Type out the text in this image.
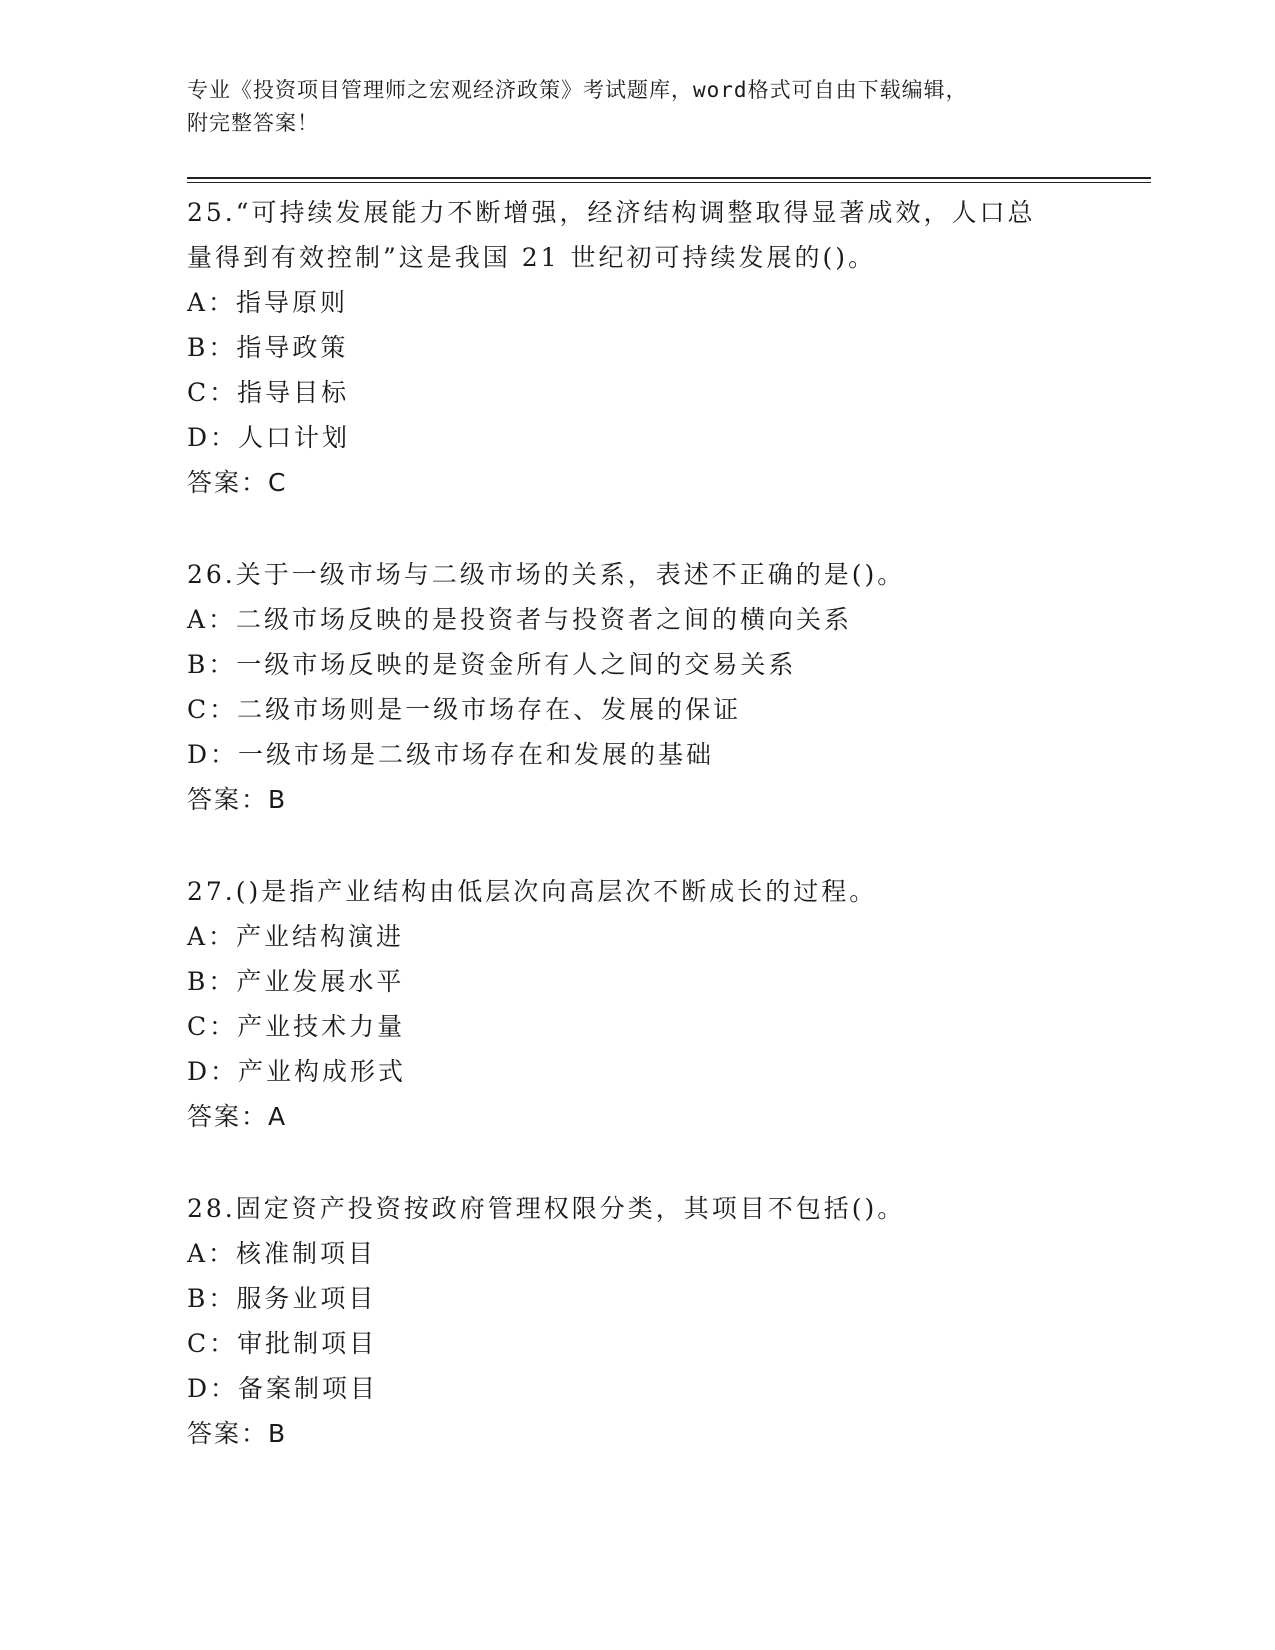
专业《投资项目管理师之宏观经济政策》考试题库，word格式可自由下载编辑，
附完整答案！
25.“可持续发展能力不断增强，经济结构调整取得显著成效，人口总
量得到有效控制”这是我国 21 世纪初可持续发展的()。
A：指导原则
B：指导政策
C：指导目标
D：人口计划
答案：C
26.关于一级市场与二级市场的关系，表述不正确的是()。
A：二级市场反映的是投资者与投资者之间的横向关系
B：一级市场反映的是资金所有人之间的交易关系
C：二级市场则是一级市场存在、发展的保证
D：一级市场是二级市场存在和发展的基础
答案：B
27.()是指产业结构由低层次向高层次不断成长的过程。
A：产业结构演进
B：产业发展水平
C：产业技术力量
D：产业构成形式
答案：A
28.固定资产投资按政府管理权限分类，其项目不包括()。
A：核准制项目
B：服务业项目
C：审批制项目
D：备案制项目
答案：B
